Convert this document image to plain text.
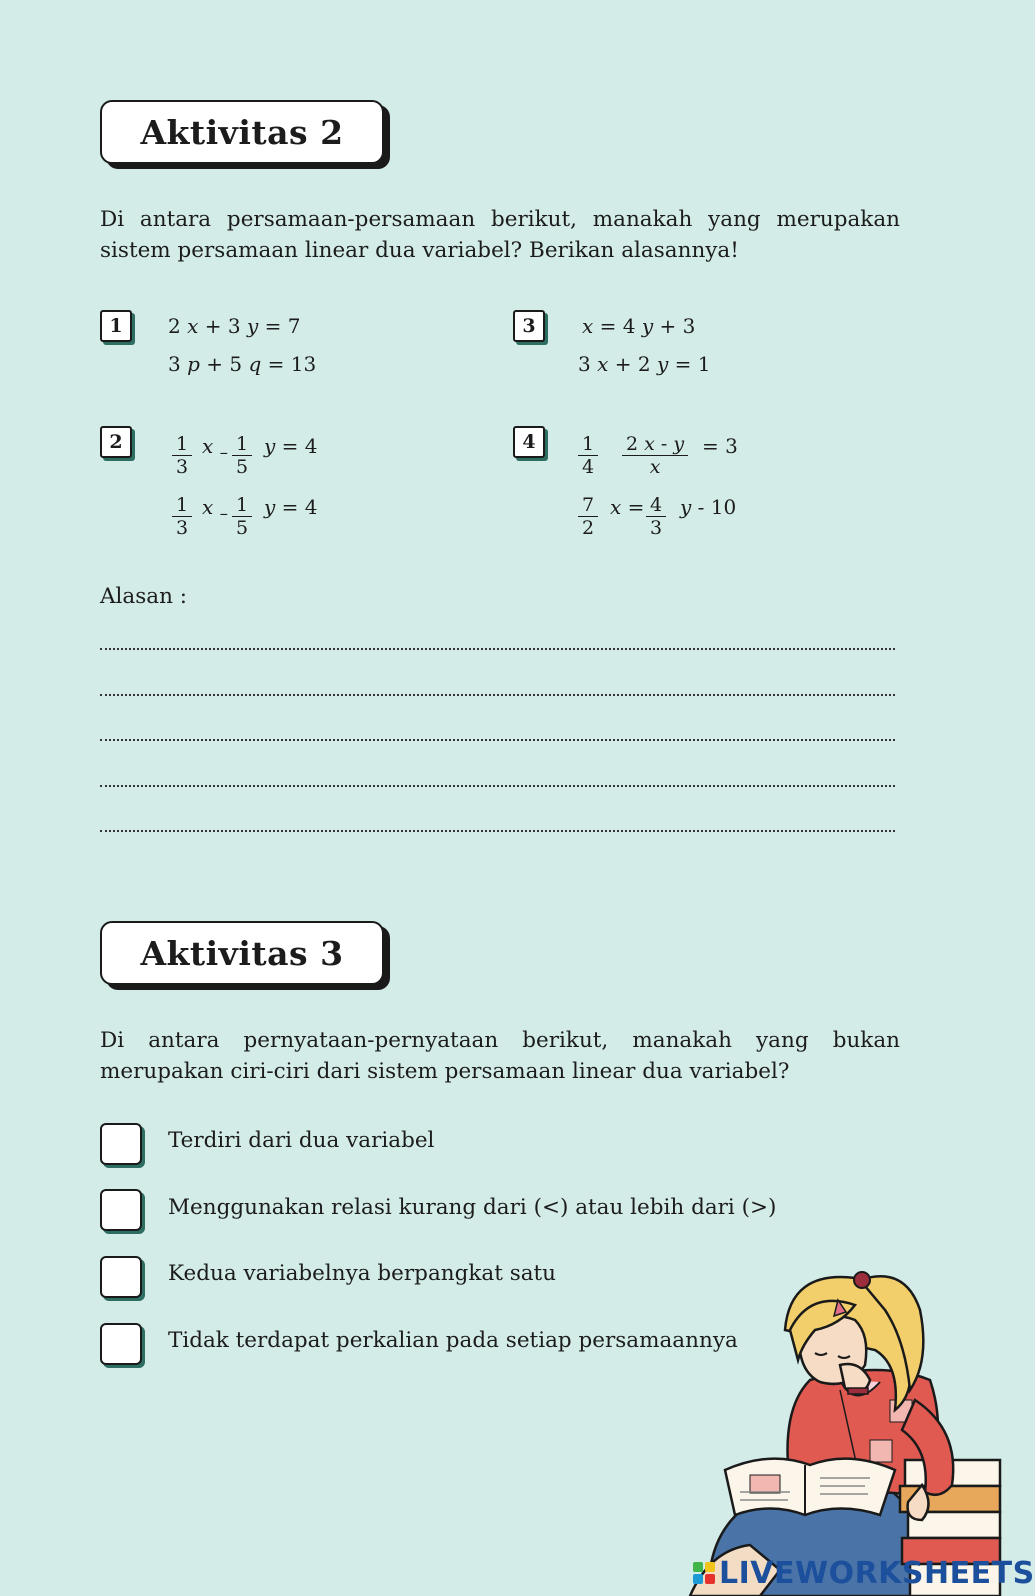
Aktivitas 2
Di antara persamaan-persamaan berikut, manakah yang merupakan sistem persamaan linear dua variabel? Berikan alasannya!
1	2 x + 3 y = 7
3 p + 5 q = 13
3	x = 4 y + 3
3 x + 2 y = 1
2	$\frac{1}{3}$ x $_- \frac{1}{5}$ y = 4
$\frac{1}{3}$ x $_- \frac{1}{5}$ y = 4
4	$\frac{1}{4} \frac{2 x - y}{x} = 3$
$\frac{7}{2}$ $x = \frac{4}{3}$ y - 10
Alasan :
Aktivitas 3
Di antara pernyataan-pernyataan berikut, manakah yang bukan merupakan ciri-ciri dari sistem persamaan linear dua variabel?
Terdiri dari dua variabel
Menggunakan relasi kurang dari (<) atau lebih dari (>)
Kedua variabelnya berpangkat satu
Tidak terdapat perkalian pada setiap persamaannya
LIVEWORKSHEETS
